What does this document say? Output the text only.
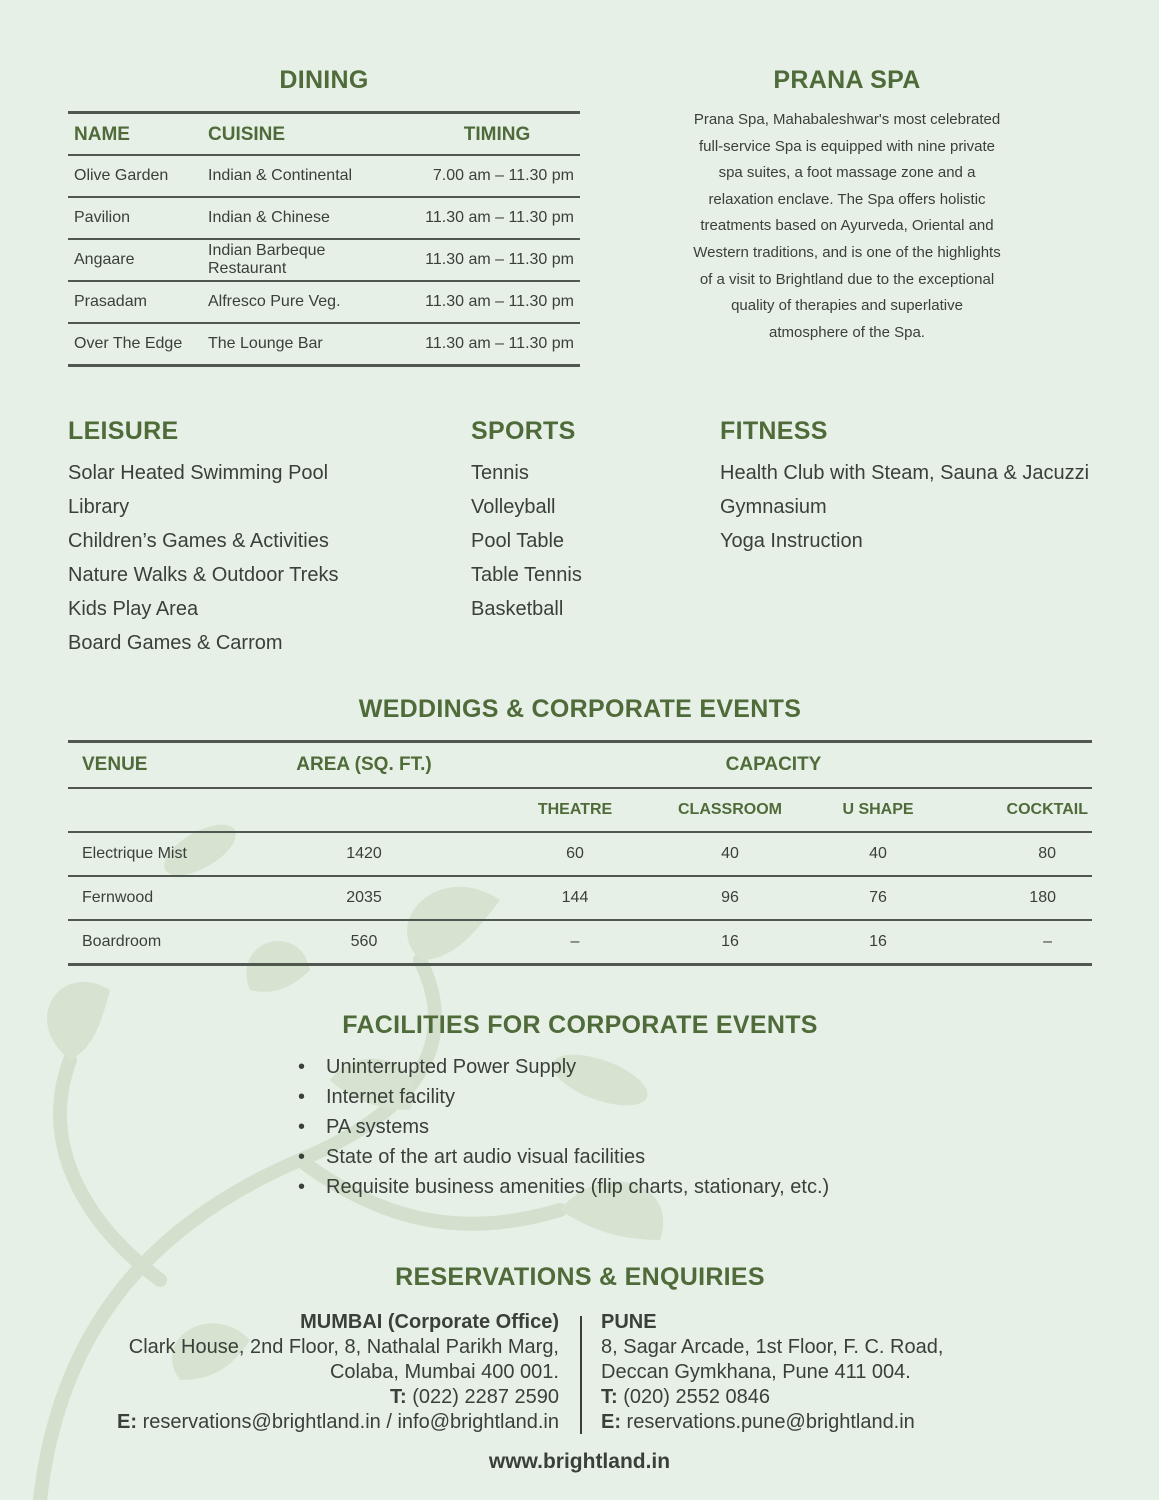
DINING
NAME	CUISINE	TIMING
Olive Garden	Indian & Continental	7.00 am – 11.30 pm
Pavilion	Indian & Chinese	11.30 am – 11.30 pm
Angaare	Indian Barbeque Restaurant	11.30 am – 11.30 pm
Prasadam	Alfresco Pure Veg.	11.30 am – 11.30 pm
Over The Edge	The Lounge Bar	11.30 am – 11.30 pm
PRANA SPA

Prana Spa, Mahabaleshwar's most celebrated
full-service Spa is equipped with nine private
spa suites, a foot massage zone and a
relaxation enclave. The Spa offers holistic
treatments based on Ayurveda, Oriental and
Western traditions, and is one of the highlights
of a visit to Brightland due to the exceptional
quality of therapies and superlative
atmosphere of the Spa.

LEISURE
Solar Heated Swimming Pool
Library
Children’s Games & Activities
Nature Walks & Outdoor Treks
Kids Play Area
Board Games & Carrom
SPORTS
Tennis
Volleyball
Pool Table
Table Tennis
Basketball
FITNESS
Health Club with Steam, Sauna & Jacuzzi
Gymnasium
Yoga Instruction
WEDDINGS & CORPORATE EVENTS
VENUE	AREA (SQ. FT.)	CAPACITY			
		THEATRE	CLASSROOM	U SHAPE	COCKTAIL
Electrique Mist	1420	60	40	40	80
Fernwood	2035	144	96	76	180
Boardroom	560	–	16	16	–
FACILITIES FOR CORPORATE EVENTS
• Uninterrupted Power Supply
• Internet facility
• PA systems
• State of the art audio visual facilities
• Requisite business amenities (flip charts, stationary, etc.)
RESERVATIONS & ENQUIRIES
MUMBAI (Corporate Office)
Clark House, 2nd Floor, 8, Nathalal Parikh Marg,
Colaba, Mumbai 400 001.
T: (022) 2287 2590
E: reservations@brightland.in / info@brightland.in
PUNE
8, Sagar Arcade, 1st Floor, F. C. Road,
Deccan Gymkhana, Pune 411 004.
T: (020) 2552 0846
E: reservations.pune@brightland.in
www.brightland.in
